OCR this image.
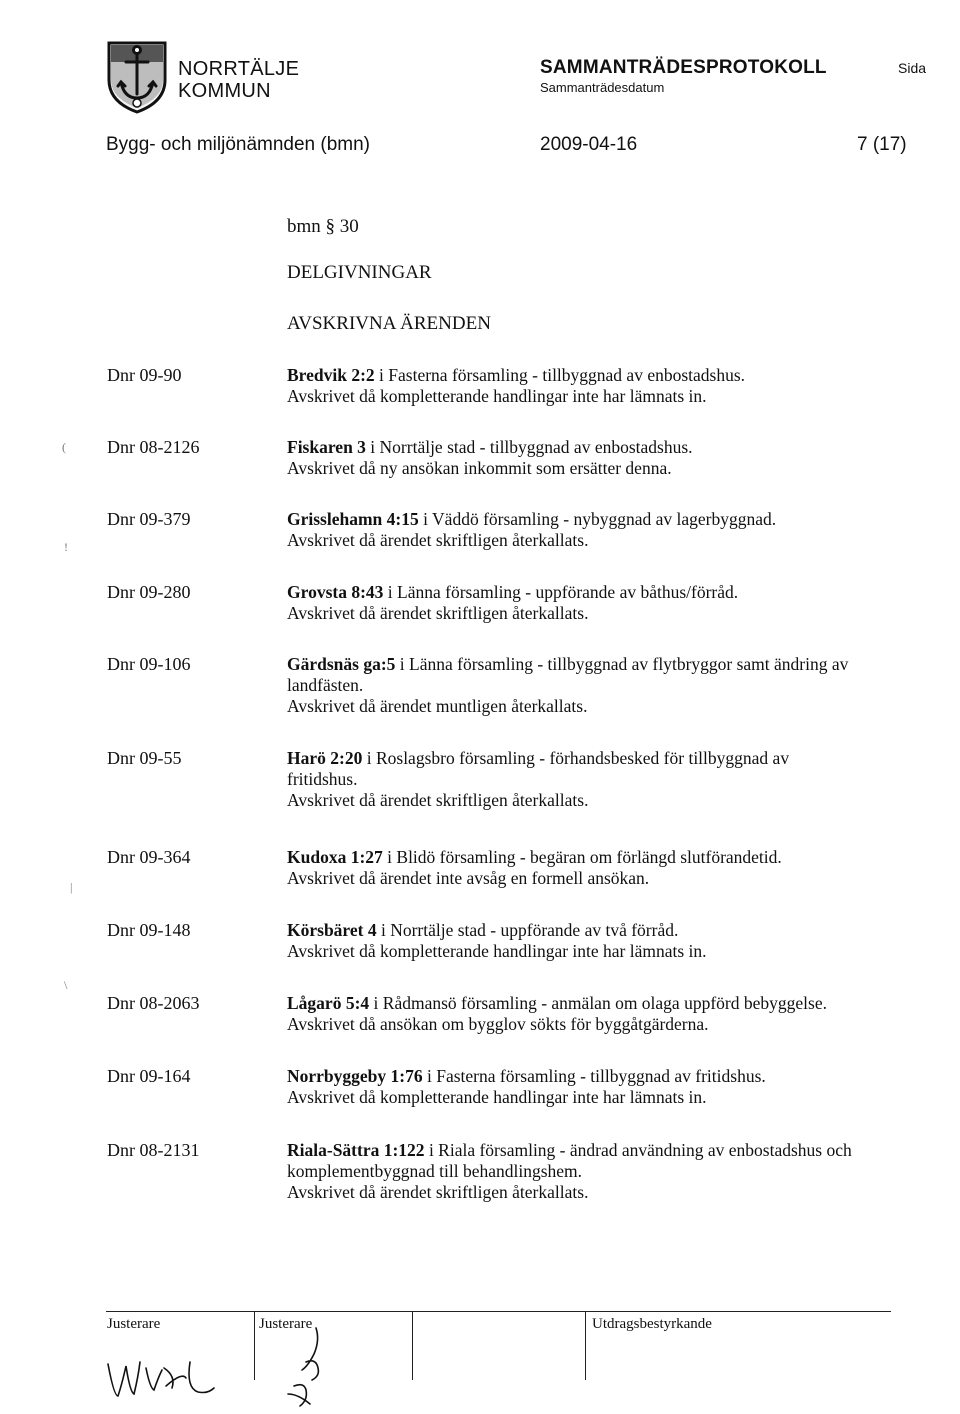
NORRTÄLJE
KOMMUN
SAMMANTRÄDESPROTOKOLL
Sammanträdesdatum
Sida
Bygg- och miljönämnden (bmn)	2009-04-16	7 (17)
bmn § 30
DELGIVNINGAR
AVSKRIVNA ÄRENDEN
Dnr 09-90	Bredvik 2:2 i Fasterna församling - tillbyggnad av enbostadshus.
Avskrivet då kompletterande handlingar inte har lämnats in.
Dnr 08-2126	Fiskaren 3 i Norrtälje stad - tillbyggnad av enbostadshus.
Avskrivet då ny ansökan inkommit som ersätter denna.
Dnr 09-379	Grisslehamn 4:15 i Väddö församling - nybyggnad av lagerbyggnad.
Avskrivet då ärendet skriftligen återkallats.
Dnr 09-280	Grovsta 8:43 i Länna församling - uppförande av båthus/förråd.
Avskrivet då ärendet skriftligen återkallats.
Dnr 09-106	Gärdsnäs ga:5 i Länna församling - tillbyggnad av flytbryggor samt ändring av
landfästen.
Avskrivet då ärendet muntligen återkallats.
Dnr 09-55	Harö 2:20 i Roslagsbro församling - förhandsbesked för tillbyggnad av
fritidshus.
Avskrivet då ärendet skriftligen återkallats.
Dnr 09-364	Kudoxa 1:27 i Blidö församling - begäran om förlängd slutförandetid.
Avskrivet då ärendet inte avsåg en formell ansökan.
Dnr 09-148	Körsbäret 4 i Norrtälje stad - uppförande av två förråd.
Avskrivet då kompletterande handlingar inte har lämnats in.
Dnr 08-2063	Lågarö 5:4 i Rådmansö församling - anmälan om olaga uppförd bebyggelse.
Avskrivet då ansökan om bygglov sökts för byggåtgärderna.
Dnr 09-164	Norrbyggeby 1:76 i Fasterna församling - tillbyggnad av fritidshus.
Avskrivet då kompletterande handlingar inte har lämnats in.
Dnr 08-2131	Riala-Sättra 1:122 i Riala församling - ändrad användning av enbostadshus och
komplementbyggnad till behandlingshem.
Avskrivet då ärendet skriftligen återkallats.
(
!
|
\
Justerare	Justerare	Utdragsbestyrkande
